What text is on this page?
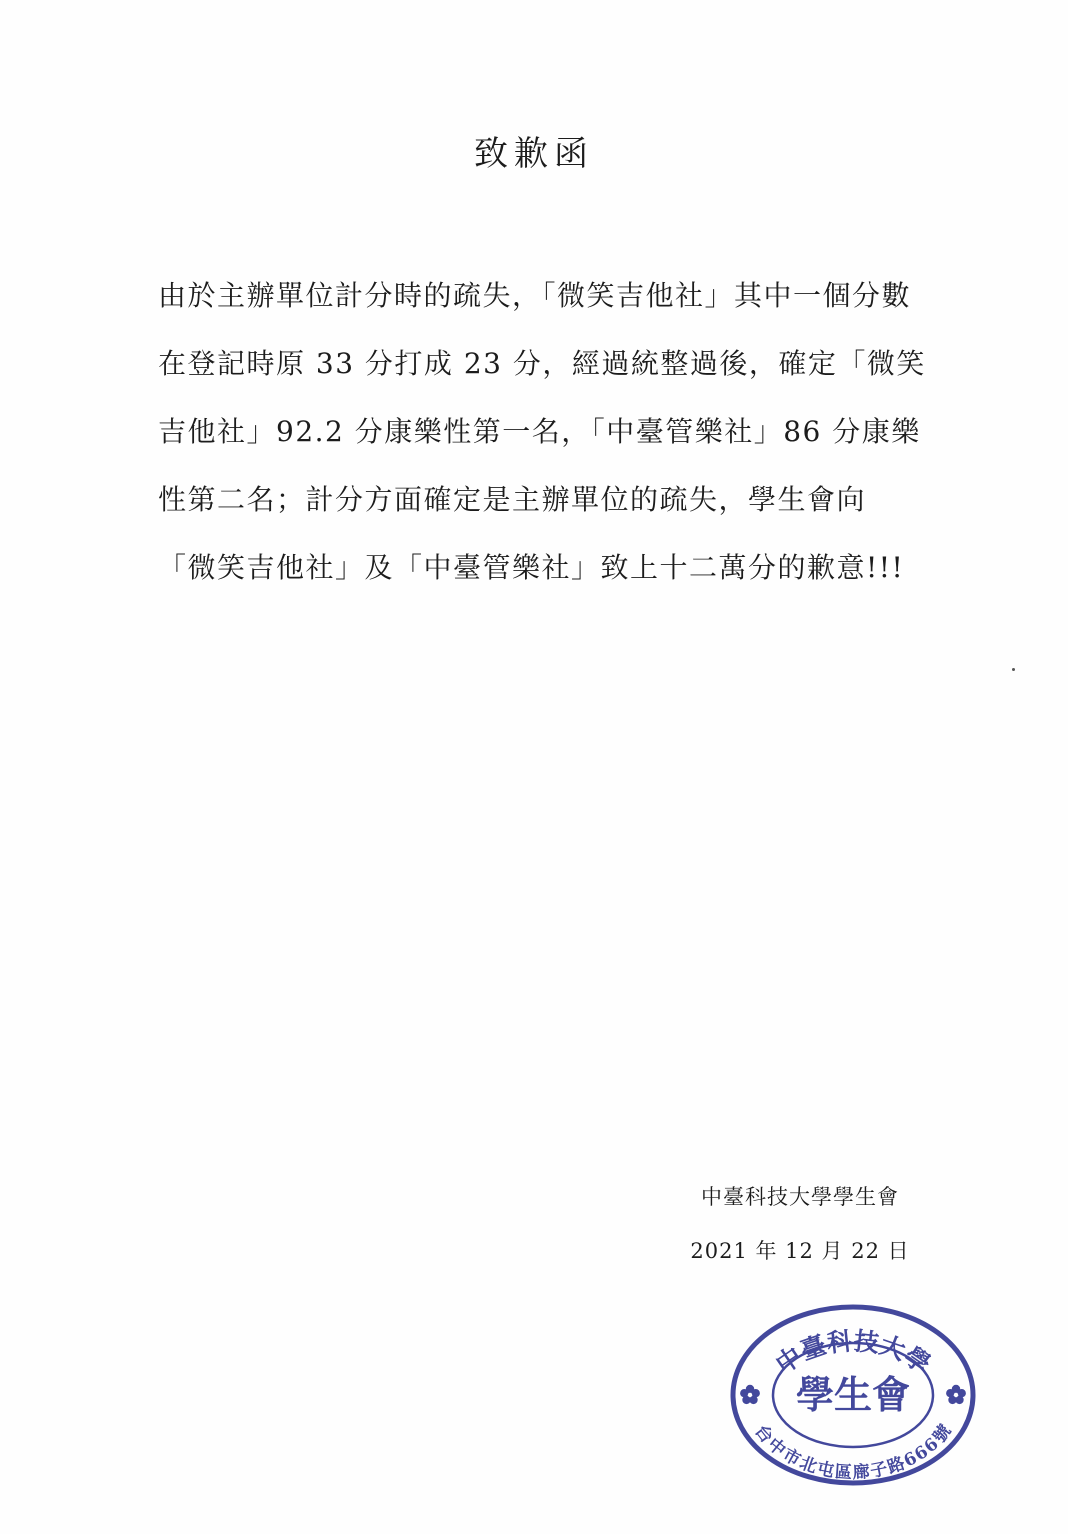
致歉函
由於主辦單位計分時的疏失，「微笑吉他社」其中一個分數
在登記時原 33 分打成 23 分，經過統整過後，確定「微笑
吉他社」92.2 分康樂性第一名，「中臺管樂社」86 分康樂
性第二名；計分方面確定是主辦單位的疏失，學生會向
「微笑吉他社」及「中臺管樂社」致上十二萬分的歉意!!!
中臺科技大學學生會
2021 年 12 月 22 日
中臺科技大學
台中市北屯區廍子路666號
學生會
